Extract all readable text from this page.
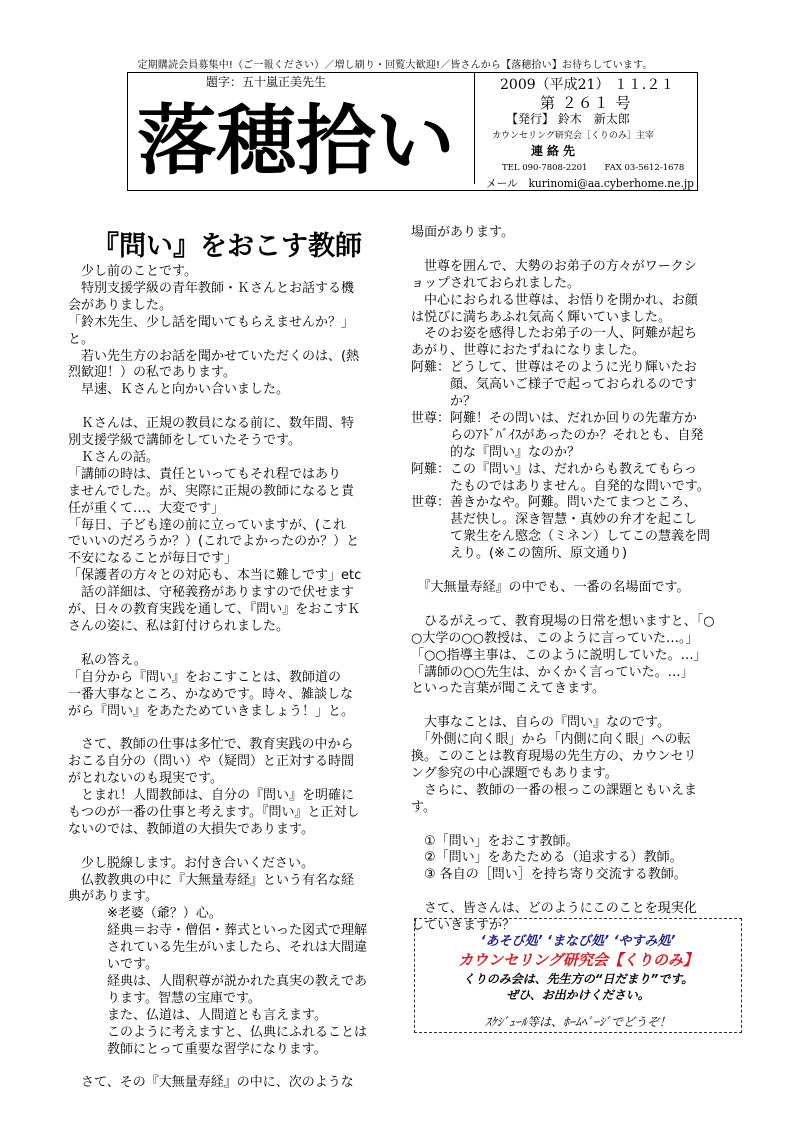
定期購読会員募集中!（ご一報ください）／増し刷り・回覧大歓迎!／皆さんから【落穂拾い】お待ちしています。
題字：五十嵐正美先生
落穂拾い
2009（平成21） １１.２１
第 ２６１ 号
【発行】 鈴木　新太郎
カウンセリング研究会［くりのみ］主宰
連絡先
TEL 090-7808-2201　　FAX 03-5612-1678
メール　kurinomi@aa.cyberhome.ne.jp
『問い』をおこす教師

　少し前のことです。

　特別支援学級の青年教師・Ｋさんとお話する機

会がありました。

「鈴木先生、少し話を聞いてもらえませんか？」

と。

　若い先生方のお話を聞かせていただくのは、(熱

烈歓迎！）の私であります。

　早速、Ｋさんと向かい合いました。

　Ｋさんは、正規の教員になる前に、数年間、特

別支援学級で講師をしていたそうです。

　Ｋさんの話。

「講師の時は、責任といってもそれ程ではあり

ませんでした。が、実際に正規の教師になると責

任が重くて…、大変です」

「毎日、子ども達の前に立っていますが、(これ

でいいのだろうか？）(これでよかったのか？）と

不安になることが毎日です」

「保護者の方々との対応も、本当に難しです」etc

　話の詳細は、守秘義務がありますので伏せます

が、日々の教育実践を通して、『問い』をおこすＫ

さんの姿に、私は釘付けられました。

　私の答え。

「自分から『問い』をおこすことは、教師道の

一番大事なところ、かなめです。時々、雑談しな

がら『問い』をあたためていきましょう！」と。

　さて、教師の仕事は多忙で、教育実践の中から

おこる自分の（問い）や（疑問）と正対する時間

がとれないのも現実です。

　とまれ！人間教師は、自分の『問い』を明確に

もつのが一番の仕事と考えます。『問い』と正対し

ないのでは、教師道の大損失であります。

　少し脱線します。お付き合いください。

　仏教教典の中に『大無量寿経』という有名な経

典があります。

　　　※老婆（爺？）心。

　　　経典＝お寺・僧侶・葬式といった図式で理解

　　　されている先生がいましたら、それは大間違

　　　いです。

　　　経典は、人間釈尊が説かれた真実の教えであ

　　　ります。智慧の宝庫です。

　　　また、仏道は、人間道とも言えます。

　　　このように考えますと、仏典にふれることは

　　　教師にとって重要な習学になります。

　さて、その『大無量寿経』の中に、次のような

場面があります。

　世尊を囲んで、大勢のお弟子の方々がワークシ

ョップされておられました。

　中心におられる世尊は、お悟りを開かれ、お顔

は悦びに満ちあふれ気高く輝いていました。

　そのお姿を感得したお弟子の一人、阿難が起ち

あがり、世尊におたずねになりました。

阿難： どうして、世尊はそのように光り輝いたお

顔、気高いご様子で起っておられるのです

か？

世尊： 阿難！その問いは、だれか回りの先輩方か

らのｱﾄﾞﾊﾞｲｽがあったのか？それとも、自発

的な『問い』なのか？

阿難： この『問い』は、だれからも教えてもらっ

たものではありません。自発的な問いです。

世尊： 善きかなや。阿難。問いたてまつところ、

甚だ快し。深き智慧・真妙の弁才を起こし

て衆生をん愍念（ミネン）してこの慧義を問

えり。(※この箇所、原文通り)

　『大無量寿経』の中でも、一番の名場面です。

　ひるがえって、教育現場の日常を想いますと、「○

○大学の○○教授は、このように言っていた…。」

「○○指導主事は、このように説明していた。…」

「講師の○○先生は、かくかく言っていた。…」

といった言葉が聞こえてきます。

　大事なことは、自らの『問い』なのです。

　「外側に向く眼」から「内側に向く眼」への転

換。このことは教育現場の先生方の、カウンセリ

ング参究の中心課題でもあります。

　さらに、教師の一番の根っこの課題ともいえま

す。

　①「問い」をおこす教師。

　②「問い」をあたためる（追求する）教師。

　③ 各自の［問い］を持ち寄り交流する教師。

　さて、皆さんは、どのようにこのことを現実化

していきますか？

‘あそび処’ ‘まなび処’ ‘やすみ処’
カウンセリング研究会【くりのみ】
くりのみ会は、先生方の“日だまり”です。
ぜひ、お出かけください。
ｽｹｼﾞｭｰﾙ等は、ﾎｰﾑﾍﾟｰｼﾞでどうぞ！
